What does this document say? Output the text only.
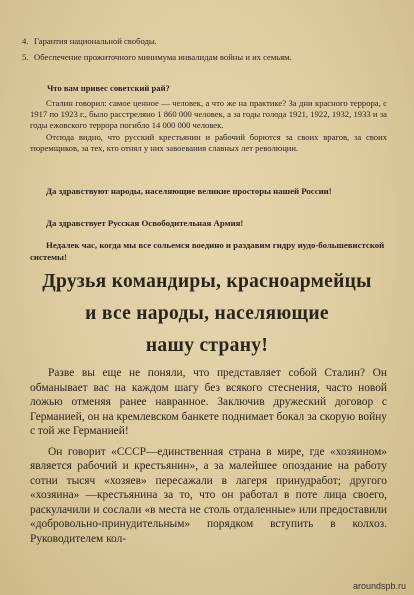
4. Гарантия национальной свободы.
5. Обеспечение прожиточного минимума инвалидам войны и их семьям.
Что вам привес советский рай?

Сталин говорил: самое ценное — человек, а что же на практике? За дни красного террора, с 1917 по 1923 г., было расстреляно 1 860 000 человек, а за годы голода 1921, 1922, 1932, 1933 и за годы ежовского террора погибло 14 000 000 человек.

Отсюда видно, что русский крестьянин и рабочий борются за своих врагов, за своих тюремщиков, за тех, кто отнял у них завоевания славных лет революции.

Да здравствуют народы, населяющие великие просторы нашей России!
Да здравствует Русская Освободительная Армия!
Недалек час, когда мы все сольемся воедино и раздавим гидру иудо-большевистской системы!
Друзья командиры, красноармейцы
и все народы, населяющие
нашу страну!

Разве вы еще не поняли, что представляет собой Сталин? Он обманывает вас на каждом шагу без всякого стеснения, часто новой ложью отменяя ранее навранное. Заключив дружеский договор с Германией, он на кремлевском банкете поднимает бокал за скорую войну с той же Германией!

Он говорит «СССР—единственная страна в мире, где «хозяином» является рабочий и крестьянин», а за малейшее опоздание на работу сотни тысяч «хозяев» пересажали в лагеря принудработ; другого «хозяина» —крестьянина за то, что он работал в поте лица своего, раскулачили и сослали «в места не столь отдаленные» или предоставили «добровольно-принудительным» порядком вступить в колхоз. Руководителем кол-

aroundspb.ru
